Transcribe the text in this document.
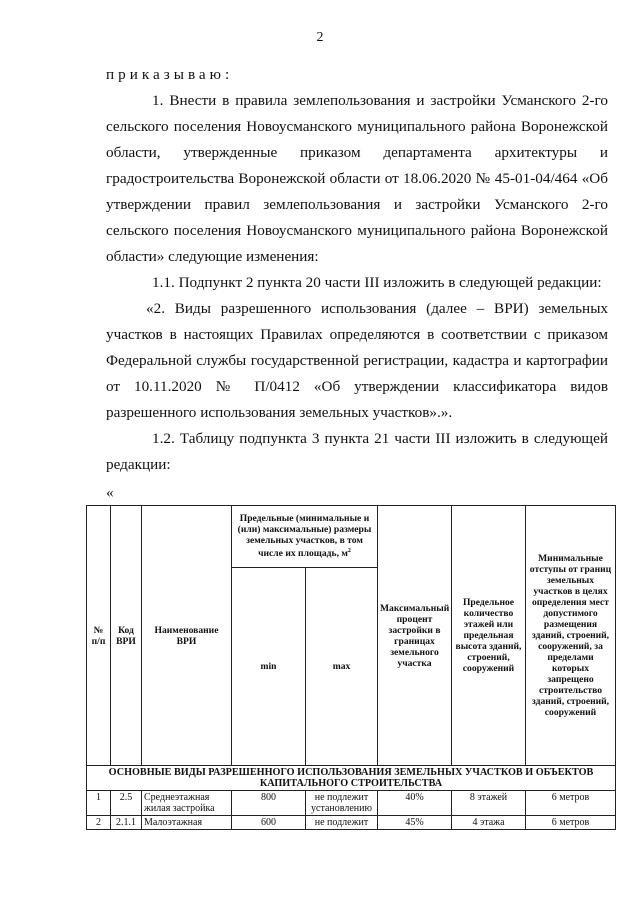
2

приказываю:

1. Внести в правила землепользования и застройки Усманского 2-го сельского поселения Новоусманского муниципального района Воронежской области, утвержденные приказом департамента архитектуры и градостроительства Воронежской области от 18.06.2020 № 45-01-04/464 «Об утверждении правил землепользования и застройки Усманского 2-го сельского поселения Новоусманского муниципального района Воронежской

области» следующие изменения:

1.1. Подпункт 2 пункта 20 части III изложить в следующей редакции:

«2. Виды разрешенного использования (далее – ВРИ) земельных участков в настоящих Правилах определяются в соответствии с приказом Федеральной службы государственной регистрации, кадастра и картографии от 10.11.2020 № П/0412 «Об утверждении классификатора видов

разрешенного использования земельных участков».».

1.2. Таблицу подпункта 3 пункта 21 части III изложить в следующей

редакции:

«

№ п/п	Код ВРИ	Наименование ВРИ	Предельные (минимальные и (или) максимальные) размеры земельных участков, в том числе их площадь, $м^2$		Максимальный процент застройки в границах земельного участка	Предельное количество этажей или предельная высота зданий, строений, сооружений	Минимальные отступы от границ земельных участков в целях определения мест допустимого размещения зданий, строений, сооружений, за пределами которых запрещено строительство зданий, строений, сооружений
			min	max			
ОСНОВНЫЕ ВИДЫ РАЗРЕШЕННОГО ИСПОЛЬЗОВАНИЯ ЗЕМЕЛЬНЫХ УЧАСТКОВ И ОБЪЕКТОВ КАПИТАЛЬНОГО СТРОИТЕЛЬСТВА							
1	2.5	Среднеэтажная жилая застройка	800	не подлежит установлению	40%	8 этажей	6 метров
2	2.1.1	Малоэтажная	600	не подлежит	45%	4 этажа	6 метров
